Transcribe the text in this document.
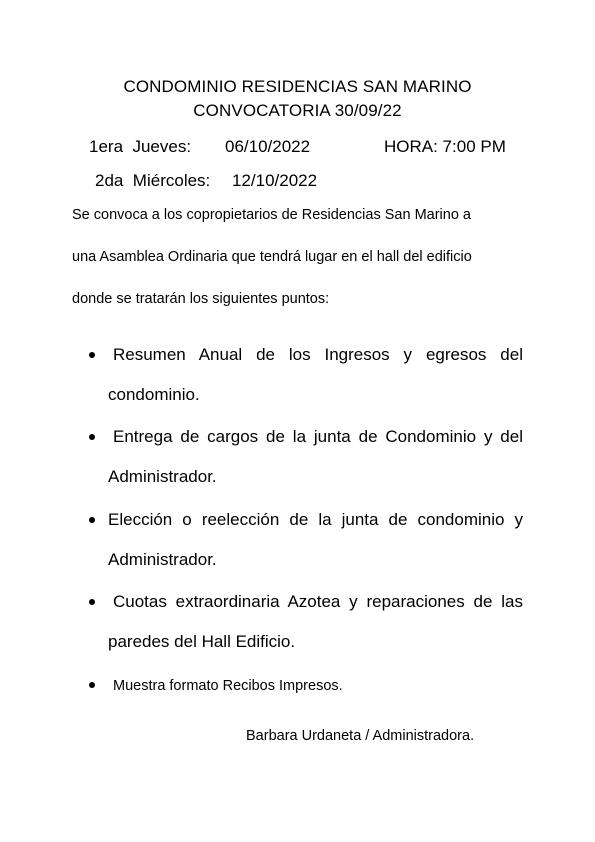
CONDOMINIO RESIDENCIAS SAN MARINO
CONVOCATORIA 30/09/22
1era  Jueves: 06/10/2022	HORA: 7:00 PM
2da  Miércoles: 12/10/2022
Se convoca a los copropietarios de Residencias San Marino a
una Asamblea Ordinaria que tendrá lugar en el hall del edificio
donde se tratarán los siguientes puntos:
Resumen Anual de los Ingresos y egresos del
condominio.
Entrega de cargos de la junta de Condominio y del
Administrador.
Elección o reelección de la junta de condominio y
Administrador.
Cuotas extraordinaria Azotea y reparaciones de las
paredes del Hall Edificio.
Muestra formato Recibos Impresos.
Barbara Urdaneta / Administradora.
